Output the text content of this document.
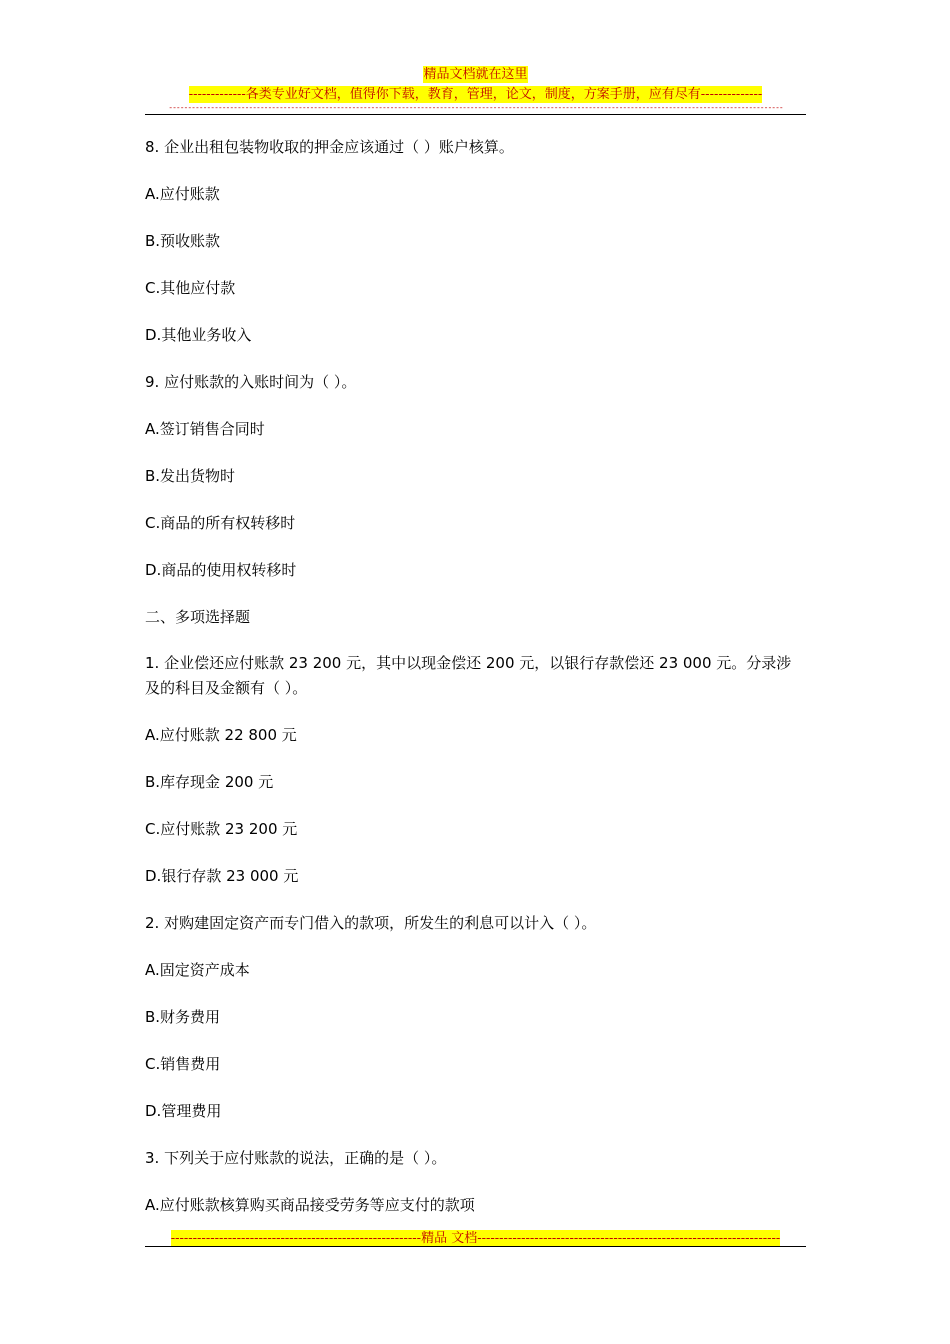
精品文档就在这里
-------------各类专业好文档，值得你下载，教育，管理，论文，制度，方案手册，应有尽有--------------
-----------------------------------------------------------------------------------------------------------------------------------------------------------------
8. 企业出租包装物收取的押金应该通过（ ）账户核算。
A.应付账款
B.预收账款
C.其他应付款
D.其他业务收入
9. 应付账款的入账时间为（ ）。
A.签订销售合同时
B.发出货物时
C.商品的所有权转移时
D.商品的使用权转移时
二、多项选择题
1. 企业偿还应付账款 23 200 元，其中以现金偿还 200 元，以银行存款偿还 23 000 元。分录涉及的科目及金额有（ ）。
A.应付账款 22 800 元
B.库存现金 200 元
C.应付账款 23 200 元
D.银行存款 23 000 元
2. 对购建固定资产而专门借入的款项，所发生的利息可以计入（ ）。
A.固定资产成本
B.财务费用
C.销售费用
D.管理费用
3. 下列关于应付账款的说法，正确的是（ ）。
A.应付账款核算购买商品接受劳务等应支付的款项
---------------------------------------------------------精品 文档---------------------------------------------------------------------
